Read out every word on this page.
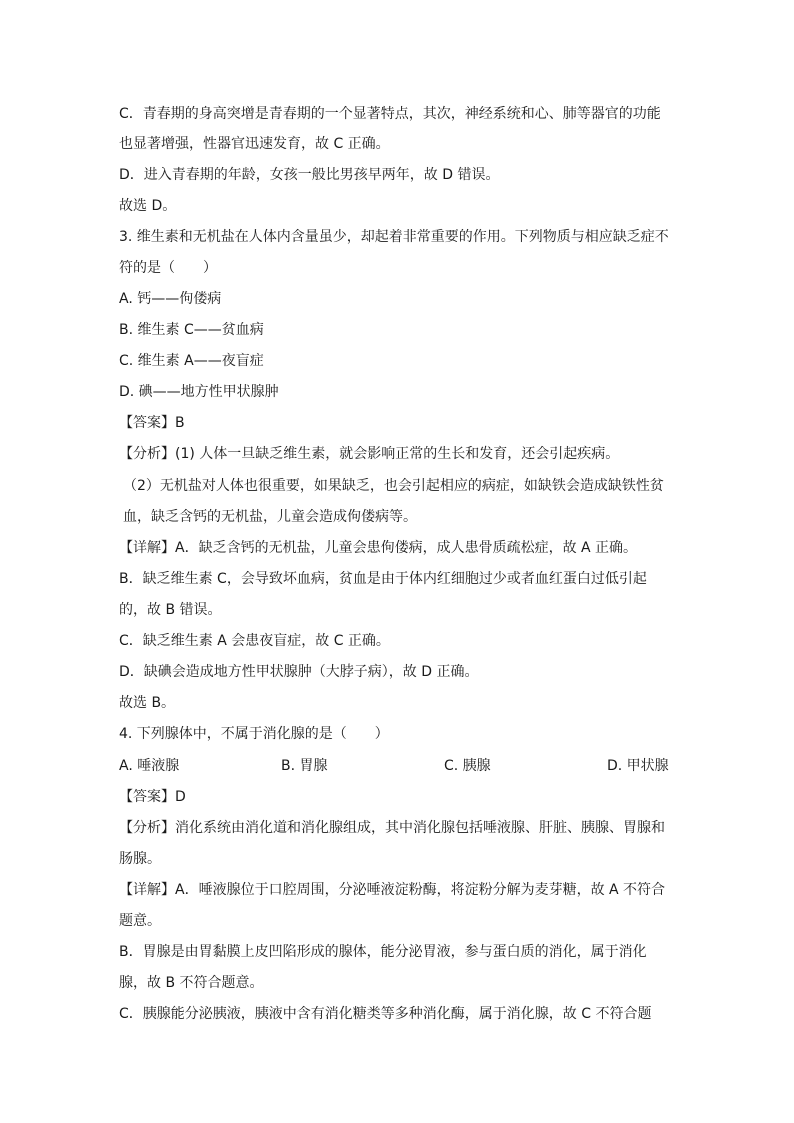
C．青春期的身高突增是青春期的一个显著特点，其次，神经系统和心、肺等器官的功能
也显著增强，性器官迅速发育，故 C 正确。
D．进入青春期的年龄，女孩一般比男孩早两年，故 D 错误。
故选 D。
3. 维生素和无机盐在人体内含量虽少，却起着非常重要的作用。下列物质与相应缺乏症不
符的是（　　）
A. 钙——佝偻病
B. 维生素 C——贫血病
C. 维生素 A——夜盲症
D. 碘——地方性甲状腺肿
【答案】B
【分析】(1) 人体一旦缺乏维生素，就会影响正常的生长和发育，还会引起疾病。
（2）无机盐对人体也很重要，如果缺乏，也会引起相应的病症，如缺铁会造成缺铁性贫
血，缺乏含钙的无机盐，儿童会造成佝偻病等。
【详解】A．缺乏含钙的无机盐，儿童会患佝偻病，成人患骨质疏松症，故 A 正确。
B．缺乏维生素 C，会导致坏血病，贫血是由于体内红细胞过少或者血红蛋白过低引起
的，故 B 错误。
C．缺乏维生素 A 会患夜盲症，故 C 正确。
D．缺碘会造成地方性甲状腺肿（大脖子病），故 D 正确。
故选 B。
4. 下列腺体中，不属于消化腺的是（　　）
A. 唾液腺	B. 胃腺	C. 胰腺	D. 甲状腺
【答案】D
【分析】消化系统由消化道和消化腺组成，其中消化腺包括唾液腺、肝脏、胰腺、胃腺和
肠腺。
【详解】A．唾液腺位于口腔周围，分泌唾液淀粉酶，将淀粉分解为麦芽糖，故 A 不符合
题意。
B．胃腺是由胃黏膜上皮凹陷形成的腺体，能分泌胃液，参与蛋白质的消化，属于消化
腺，故 B 不符合题意。
C．胰腺能分泌胰液，胰液中含有消化糖类等多种消化酶，属于消化腺，故 C 不符合题
